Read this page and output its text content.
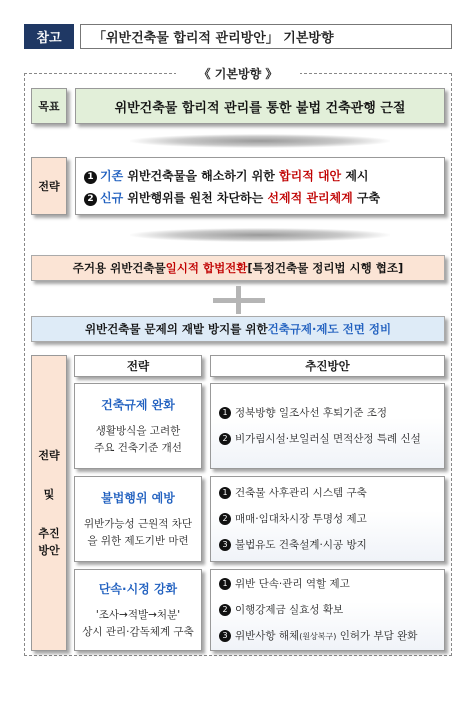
참고	「위반건축물 합리적 관리방안」 기본방향
《 기본방향 》
목표	위반건축물 합리적 관리를 통한 불법 건축관행 근절
전략
1 기존 위반건축물을 해소하기 위한 합리적 대안 제시
2 신규 위반행위를 원천 차단하는 선제적 관리체계 구축
주거용 위반건축물 일시적 합법전환 [특정건축물 정리법 시행 협조]
위반건축물 문제의 재발 방지를 위한 건축규제·제도 전면 정비
전략
및
추진
방안
전략	추진방안
건축규제 완화
생활방식을 고려한
주요 건축기준 개선
1 정북방향 일조사선 후퇴기준 조정
2 비가림시설·보일러실 면적산정 특례 신설
불법행위 예방
위반가능성 근원적 차단
을 위한 제도기반 마련
1 건축물 사후관리 시스템 구축
2 매매·임대차시장 투명성 제고
3 불법유도 건축설계·시공 방지
단속·시정 강화
'조사→적발→처분'
상시 관리·감독체계 구축
1 위반 단속·관리 역할 제고
2 이행강제금 실효성 확보
3 위반사항 해체(원상복구) 인허가 부담 완화
